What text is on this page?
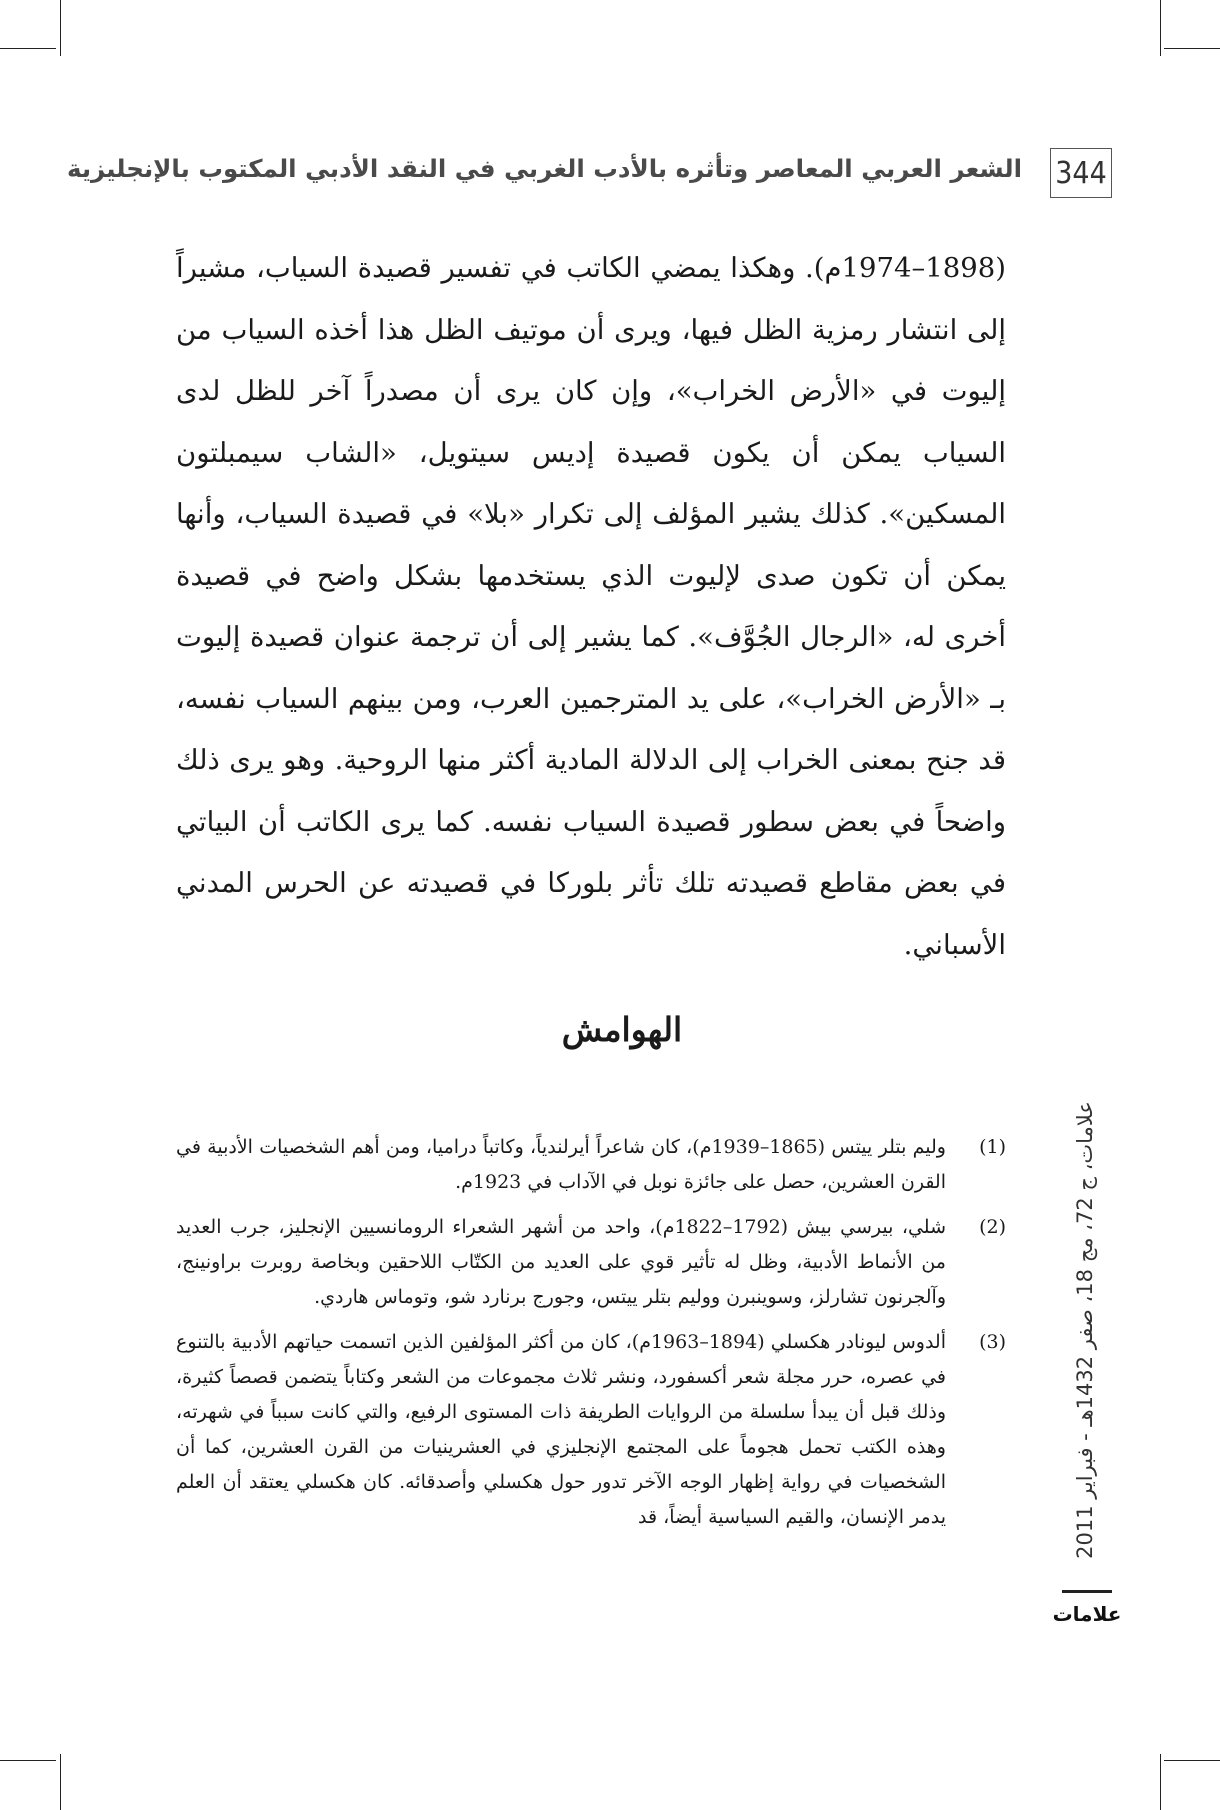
344
الشعر العربي المعاصر وتأثره بالأدب الغربي في النقد الأدبي المكتوب بالإنجليزية

(1898–1974م). وهكذا يمضي الكاتب في تفسير قصيدة السياب، مشيراً إلى انتشار رمزية الظل فيها، ويرى أن موتيف الظل هذا أخذه السياب من إليوت في «الأرض الخراب»، وإن كان يرى أن مصدراً آخر للظل لدى السياب يمكن أن يكون قصيدة إديس سيتويل، «الشاب سيمبلتون المسكين». كذلك يشير المؤلف إلى تكرار «بلا» في قصيدة السياب، وأنها يمكن أن تكون صدى لإليوت الذي يستخدمها بشكل واضح في قصيدة أخرى له، «الرجال الجُوَّف». كما يشير إلى أن ترجمة عنوان قصيدة إليوت بـ «الأرض الخراب»، على يد المترجمين العرب، ومن بينهم السياب نفسه، قد جنح بمعنى الخراب إلى الدلالة المادية أكثر منها الروحية. وهو يرى ذلك واضحاً في بعض سطور قصيدة السياب نفسه. كما يرى الكاتب أن البياتي في بعض مقاطع قصيدته تلك تأثر بلوركا في قصيدته عن الحرس المدني الأسباني.

الهوامش
(1)
وليم بتلر ييتس (1865–1939م)، كان شاعراً أيرلندياً، وكاتباً دراميا، ومن أهم الشخصيات الأدبية في القرن العشرين، حصل على جائزة نوبل في الآداب في 1923م.
(2)
شلي، بيرسي بيش (1792–1822م)، واحد من أشهر الشعراء الرومانسيين الإنجليز، جرب العديد من الأنماط الأدبية، وظل له تأثير قوي على العديد من الكتّاب اللاحقين وبخاصة روبرت براونينج، وآلجرنون تشارلز، وسوينبرن ووليم بتلر ييتس، وجورج برنارد شو، وتوماس هاردي.
(3)
ألدوس ليونادر هكسلي (1894–1963م)، كان من أكثر المؤلفين الذين اتسمت حياتهم الأدبية بالتنوع في عصره، حرر مجلة شعر أكسفورد، ونشر ثلاث مجموعات من الشعر وكتاباً يتضمن قصصاً كثيرة، وذلك قبل أن يبدأ سلسلة من الروايات الطريفة ذات المستوى الرفيع، والتي كانت سبباً في شهرته، وهذه الكتب تحمل هجوماً على المجتمع الإنجليزي في العشرينيات من القرن العشرين، كما أن الشخصيات في رواية إظهار الوجه الآخر تدور حول هكسلي وأصدقائه. كان هكسلي يعتقد أن العلم يدمر الإنسان، والقيم السياسية أيضاً، قد	علامات، ج 72، مج 18، صفر 1432هـ - فبراير 2011
علامات
